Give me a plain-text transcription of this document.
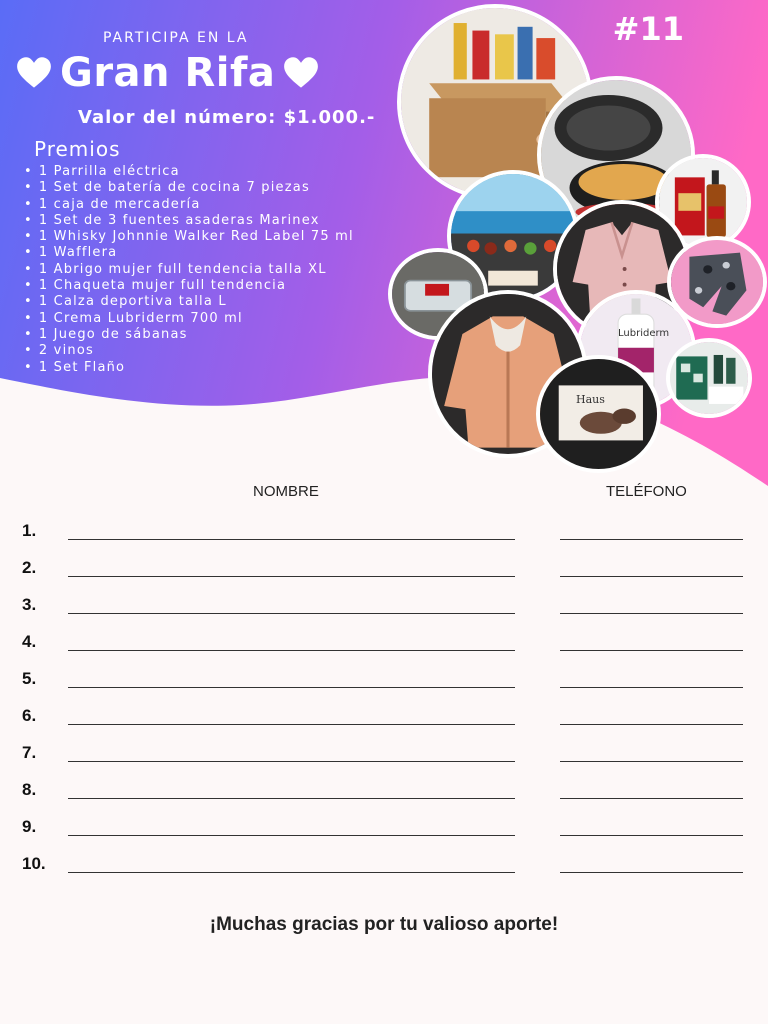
PARTICIPA EN LA
Gran Rifa
Valor del número: $1.000.-
#11
Premios
• 1 Parrilla eléctrica
• 1 Set de batería de cocina 7 piezas
• 1 caja de mercadería
• 1 Set de 3 fuentes asaderas Marinex
• 1 Whisky Johnnie Walker Red Label 75 ml
• 1 Wafflera
• 1 Abrigo mujer full tendencia talla XL
• 1 Chaqueta mujer full tendencia
• 1 Calza deportiva talla L
• 1 Crema Lubriderm 700 ml
• 1 Juego de sábanas
• 2 vinos
• 1 Set Flaño
Lubriderm
Haus
NOMBRE	TELÉFONO
1.
2.
3.
4.
5.
6.
7.
8.
9.
10.
¡Muchas gracias por tu valioso aporte!
